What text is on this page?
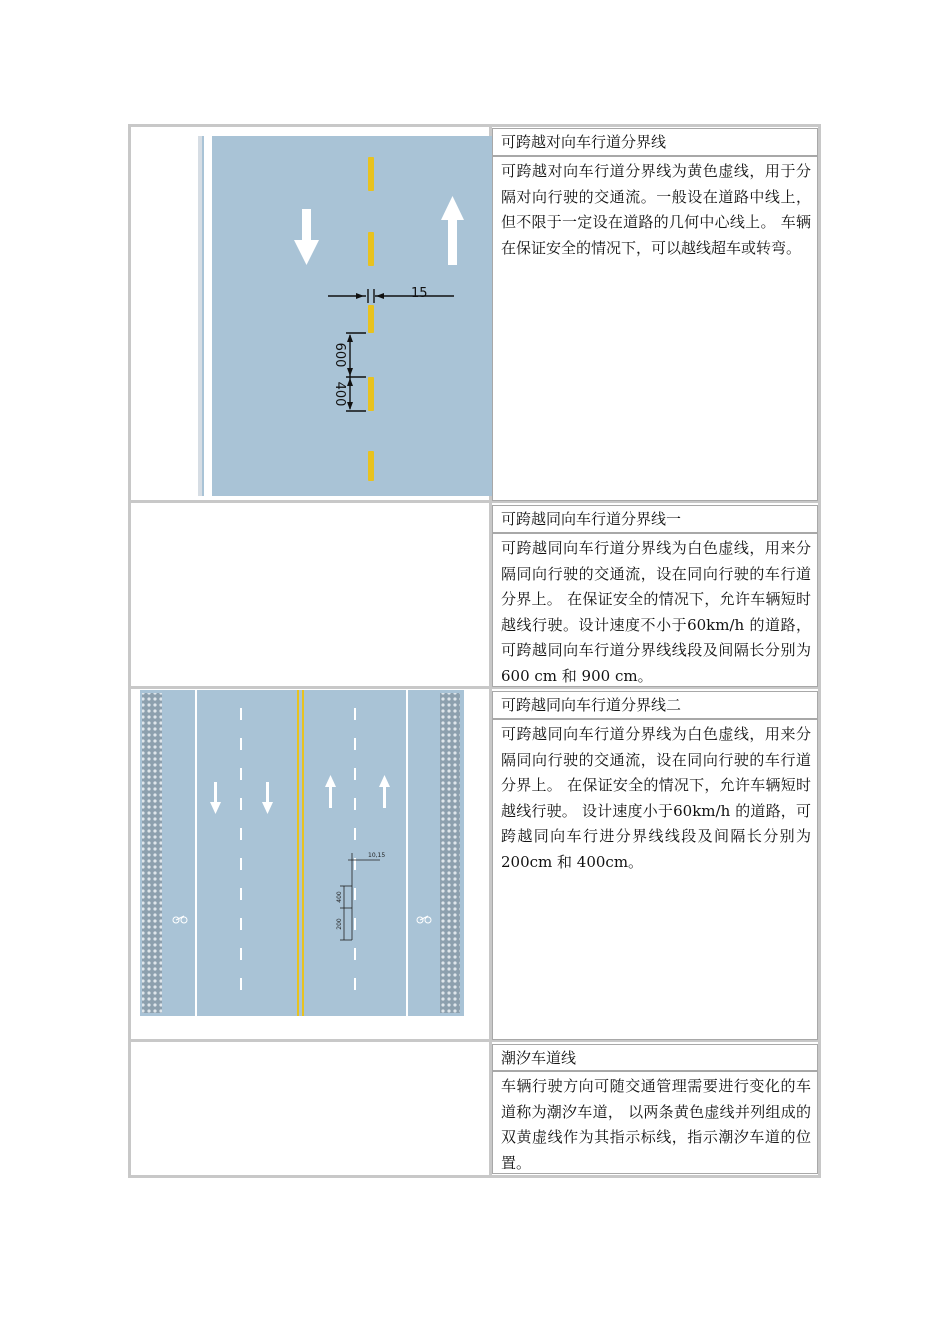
15
600
400
可跨越对向车行道分界线
可跨越对向车行道分界线为黄色虚线，用于分隔对向行驶的交通流。一般设在道路中线上，但不限于一定设在道路的几何中心线上。 车辆在保证安全的情况下，可以越线超车或转弯。
可跨越同向车行道分界线一
可跨越同向车行道分界线为白色虚线，用来分隔同向行驶的交通流，设在同向行驶的车行道分界上。 在保证安全的情况下，允许车辆短时越线行驶。设计速度不小于60km/h 的道路，可跨越同向车行道分界线线段及间隔长分别为 600 cm 和 900 cm。
10,15
400
200
可跨越同向车行道分界线二
可跨越同向车行道分界线为白色虚线，用来分隔同向行驶的交通流，设在同向行驶的车行道分界上。 在保证安全的情况下，允许车辆短时越线行驶。 设计速度小于60km/h 的道路，可跨越同向车行进分界线线段及间隔长分别为 200cm 和 400cm。
潮汐车道线
车辆行驶方向可随交通管理需要进行变化的车道称为潮汐车道， 以两条黄色虚线并列组成的双黄虚线作为其指示标线，指示潮汐车道的位置。
